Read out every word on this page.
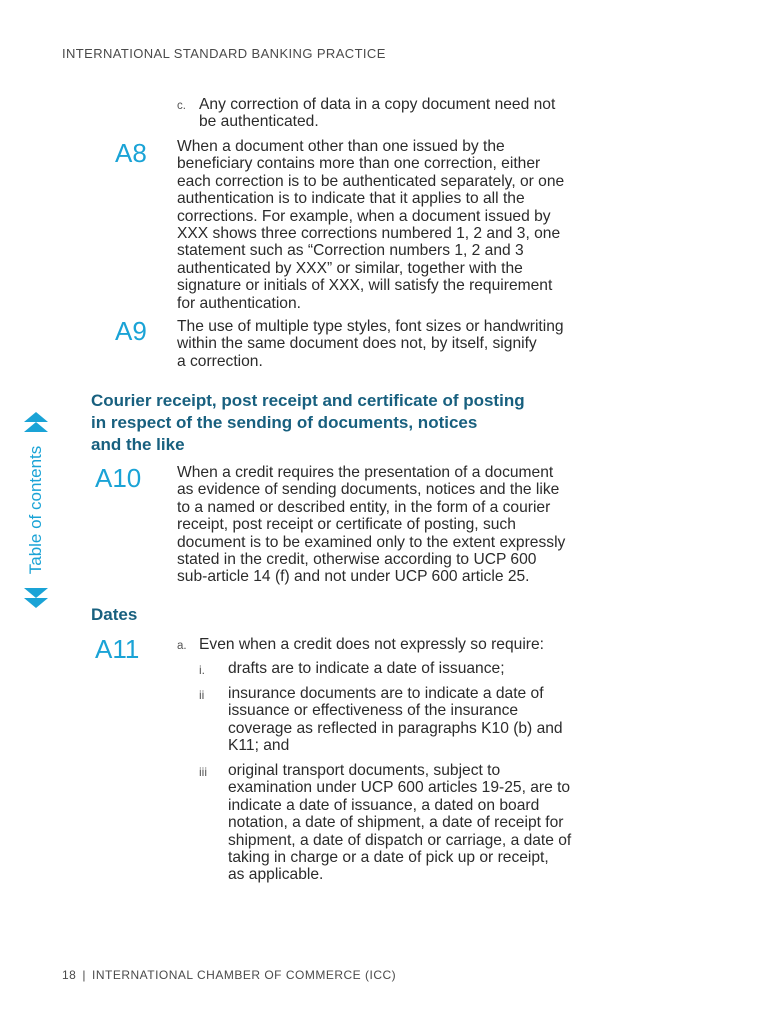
INTERNATIONAL STANDARD BANKING PRACTICE
Table of contents
c. Any correction of data in a copy document need not
be authenticated.
A8 When a document other than one issued by the
beneficiary contains more than one correction, either
each correction is to be authenticated separately, or one
authentication is to indicate that it applies to all the
corrections. For example, when a document issued by
XXX shows three corrections numbered 1, 2 and 3, one
statement such as “Correction numbers 1, 2 and 3
authenticated by XXX” or similar, together with the
signature or initials of XXX, will satisfy the requirement
for authentication.
A9 The use of multiple type styles, font sizes or handwriting
within the same document does not, by itself, signify
a correction.
Courier receipt, post receipt and certificate of posting
in respect of the sending of documents, notices
and the like
A10 When a credit requires the presentation of a document
as evidence of sending documents, notices and the like
to a named or described entity, in the form of a courier
receipt, post receipt or certificate of posting, such
document is to be examined only to the extent expressly
stated in the credit, otherwise according to UCP 600
sub-article 14 (f) and not under UCP 600 article 25.
Dates
A11	a. Even when a credit does not expressly so require:
i. drafts are to indicate a date of issuance;
ii insurance documents are to indicate a date of
issuance or effectiveness of the insurance
coverage as reflected in paragraphs K10 (b) and
K11; and
iii original transport documents, subject to
examination under UCP 600 articles 19-25, are to
indicate a date of issuance, a dated on board
notation, a date of shipment, a date of receipt for
shipment, a date of dispatch or carriage, a date of
taking in charge or a date of pick up or receipt,
as applicable.
18 | INTERNATIONAL CHAMBER OF COMMERCE (ICC)
